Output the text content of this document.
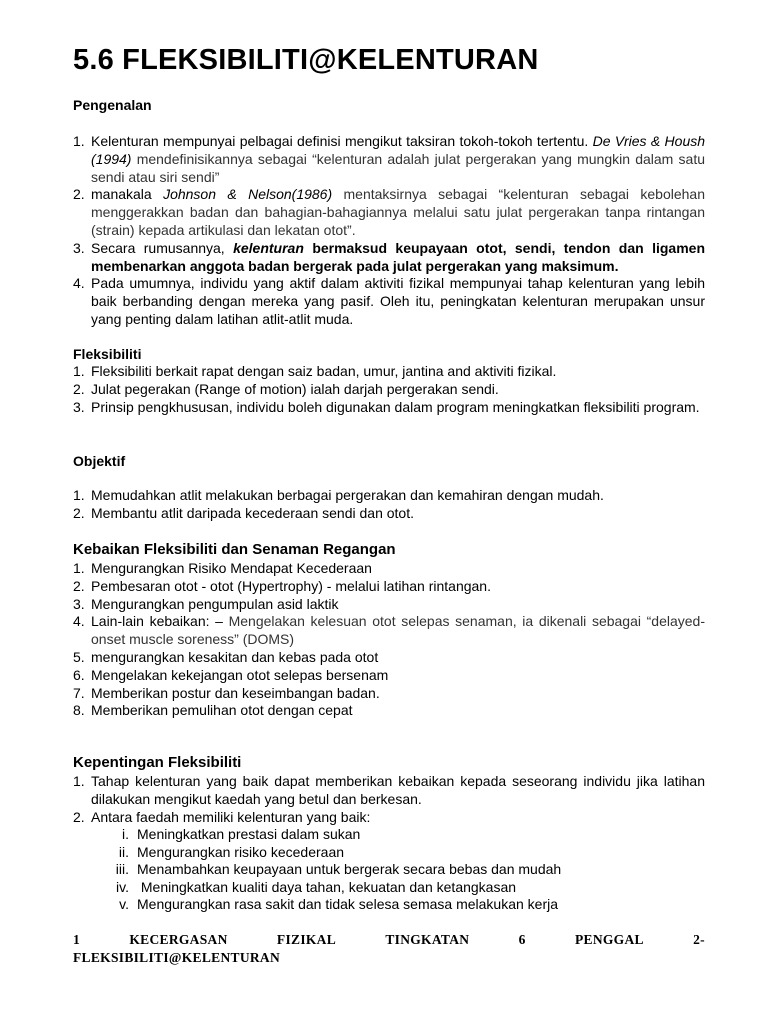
5.6 FLEKSIBILITI@KELENTURAN
Pengenalan
1. Kelenturan mempunyai pelbagai definisi mengikut taksiran tokoh-tokoh tertentu. De Vries & Housh (1994) mendefinisikannya sebagai “kelenturan adalah julat pergerakan yang mungkin dalam satu sendi atau siri sendi”
2. manakala Johnson & Nelson(1986) mentaksirnya sebagai “kelenturan sebagai kebolehan menggerakkan badan dan bahagian-bahagiannya melalui satu julat pergerakan tanpa rintangan (strain) kepada artikulasi dan lekatan otot”.
3. Secara rumusannya, kelenturan bermaksud keupayaan otot, sendi, tendon dan ligamen membenarkan anggota badan bergerak pada julat pergerakan yang maksimum.
4. Pada umumnya, individu yang aktif dalam aktiviti fizikal mempunyai tahap kelenturan yang lebih baik berbanding dengan mereka yang pasif. Oleh itu, peningkatan kelenturan merupakan unsur yang penting dalam latihan atlit-atlit muda.
Fleksibiliti
1. Fleksibiliti berkait rapat dengan saiz badan, umur, jantina and aktiviti fizikal.
2. Julat pegerakan (Range of motion) ialah darjah pergerakan sendi.
3. Prinsip pengkhususan, individu boleh digunakan dalam program meningkatkan fleksibiliti program.
Objektif
1. Memudahkan atlit melakukan berbagai pergerakan dan kemahiran dengan mudah.
2. Membantu atlit daripada kecederaan sendi dan otot.
Kebaikan Fleksibiliti dan Senaman Regangan
1. Mengurangkan Risiko Mendapat Kecederaan
2. Pembesaran otot - otot (Hypertrophy) - melalui latihan rintangan.
3. Mengurangkan pengumpulan asid laktik
4. Lain-lain kebaikan: – Mengelakan kelesuan otot selepas senaman, ia dikenali sebagai “delayed-onset muscle soreness” (DOMS)
5. mengurangkan kesakitan dan kebas pada otot
6. Mengelakan kekejangan otot selepas bersenam
7. Memberikan postur dan keseimbangan badan.
8. Memberikan pemulihan otot dengan cepat
Kepentingan Fleksibiliti
1. Tahap kelenturan yang baik dapat memberikan kebaikan kepada seseorang individu jika latihan dilakukan mengikut kaedah yang betul dan berkesan.
2. Antara faedah memiliki kelenturan yang baik:
i. Meningkatkan prestasi dalam sukan
ii. Mengurangkan risiko kecederaan
iii. Menambahkan keupayaan untuk bergerak secara bebas dan mudah
iv. Meningkatkan kualiti daya tahan, kekuatan dan ketangkasan
v. Mengurangkan rasa sakit dan tidak selesa semasa melakukan kerja
1	KECERGASAN	FIZIKAL	TINGKATAN	6	PENGGAL	2-
FLEKSIBILITI@KELENTURAN
